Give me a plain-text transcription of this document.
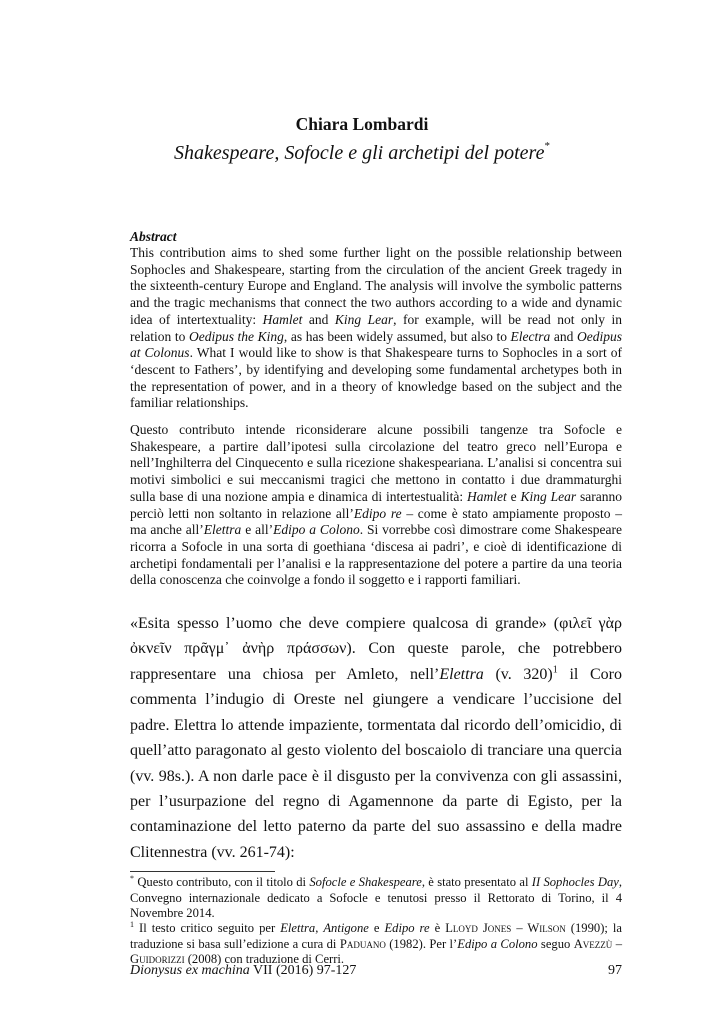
Chiara Lombardi
Shakespeare, Sofocle e gli archetipi del potere*
Abstract

This contribution aims to shed some further light on the possible relationship between Sophocles and Shakespeare, starting from the circulation of the ancient Greek tragedy in the sixteenth-century Europe and England. The analysis will involve the symbolic patterns and the tragic mechanisms that connect the two authors according to a wide and dynamic idea of intertextuality: Hamlet and King Lear, for example, will be read not only in relation to Oedipus the King, as has been widely assumed, but also to Electra and Oedipus at Colonus. What I would like to show is that Shakespeare turns to Sophocles in a sort of ‘descent to Fathers’, by identifying and developing some fundamental archetypes both in the representation of power, and in a theory of knowledge based on the subject and the familiar relationships.

Questo contributo intende riconsiderare alcune possibili tangenze tra Sofocle e Shakespeare, a partire dall’ipotesi sulla circolazione del teatro greco nell’Europa e nell’Inghilterra del Cinquecento e sulla ricezione shakespeariana. L’analisi si concentra sui motivi simbolici e sui meccanismi tragici che mettono in contatto i due drammaturghi sulla base di una nozione ampia e dinamica di intertestualità: Hamlet e King Lear saranno perciò letti non soltanto in relazione all’Edipo re – come è stato ampiamente proposto – ma anche all’Elettra e all’Edipo a Colono. Si vorrebbe così dimostrare come Shakespeare ricorra a Sofocle in una sorta di goethiana ‘discesa ai padri’, e cioè di identificazione di archetipi fondamentali per l’analisi e la rappresentazione del potere a partire da una teoria della conoscenza che coinvolge a fondo il soggetto e i rapporti familiari.

«Esita spesso l’uomo che deve compiere qualcosa di grande» (φιλεῖ γὰρ ὀκνεῖν πρᾶγμ᾽ ἀνὴρ πράσσων). Con queste parole, che potrebbero rappresentare una chiosa per Amleto, nell’Elettra (v. 320)$^1$ il Coro commenta l’indugio di Oreste nel giungere a vendicare l’uccisione del padre. Elettra lo attende impaziente, tormentata dal ricordo dell’omicidio, di quell’atto paragonato al gesto violento del boscaiolo di tranciare una quercia (vv. 98s.). A non darle pace è il disgusto per la convivenza con gli assassini, per l’usurpazione del regno di Agamennone da parte di Egisto, per la contaminazione del letto paterno da parte del suo assassino e della madre Clitennestra (vv. 261-74):

* Questo contributo, con il titolo di Sofocle e Shakespeare, è stato presentato al II Sophocles Day, Convegno internazionale dedicato a Sofocle e tenutosi presso il Rettorato di Torino, il 4 Novembre 2014.

$^1$ Il testo critico seguito per Elettra, Antigone e Edipo re è Lloyd Jones – Wilson (1990); la traduzione si basa sull’edizione a cura di Paduano (1982). Per l’Edipo a Colono seguo Avezzù – Guidorizzi (2008) con traduzione di Cerri.

Dionysus ex machina VII (2016) 97-127	97
